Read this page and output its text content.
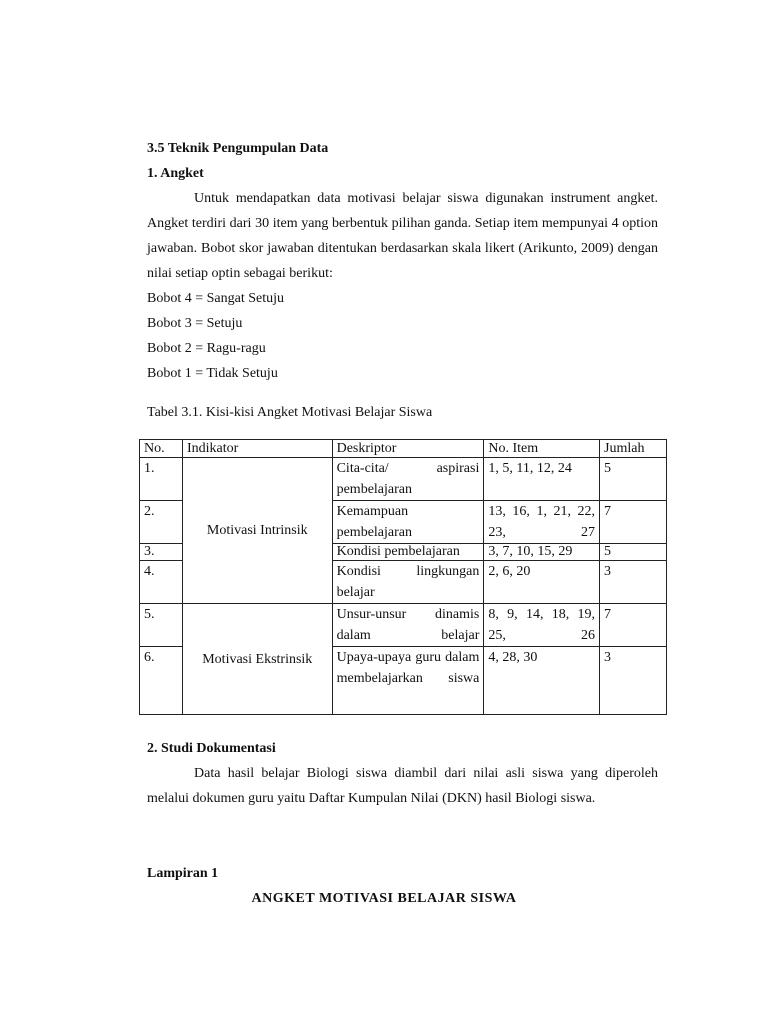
3.5 Teknik Pengumpulan Data

1. Angket

Untuk mendapatkan data motivasi belajar siswa digunakan instrument angket. Angket terdiri dari 30 item yang berbentuk pilihan ganda. Setiap item mempunyai 4 option jawaban. Bobot skor jawaban ditentukan berdasarkan skala likert (Arikunto, 2009) dengan nilai setiap optin sebagai berikut:

Bobot 4 = Sangat Setuju

Bobot 3 = Setuju

Bobot 2 = Ragu-ragu

Bobot 1 = Tidak Setuju

Tabel 3.1. Kisi-kisi Angket Motivasi Belajar Siswa

No.	Indikator	Deskriptor	No. Item	Jumlah
1.	Motivasi Intrinsik	Cita-cita/ aspirasi pembelajaran	1, 5, 11, 12, 24	5
2.		Kemampuan pembelajaran	13, 16, 1, 21, 22, 23, 27	7
3.		Kondisi pembelajaran	3, 7, 10, 15, 29	5
4.		Kondisi lingkungan belajar	2, 6, 20	3
5.	Motivasi Ekstrinsik	Unsur-unsur dinamis dalam belajar	8, 9, 14, 18, 19, 25, 26	7
6.		Upaya-upaya guru dalam membelajarkan siswa	4, 28, 30	3

2. Studi Dokumentasi

Data hasil belajar Biologi siswa diambil dari nilai asli siswa yang diperoleh melalui dokumen guru yaitu Daftar Kumpulan Nilai (DKN) hasil Biologi siswa.

Lampiran 1
ANGKET MOTIVASI BELAJAR SISWA
